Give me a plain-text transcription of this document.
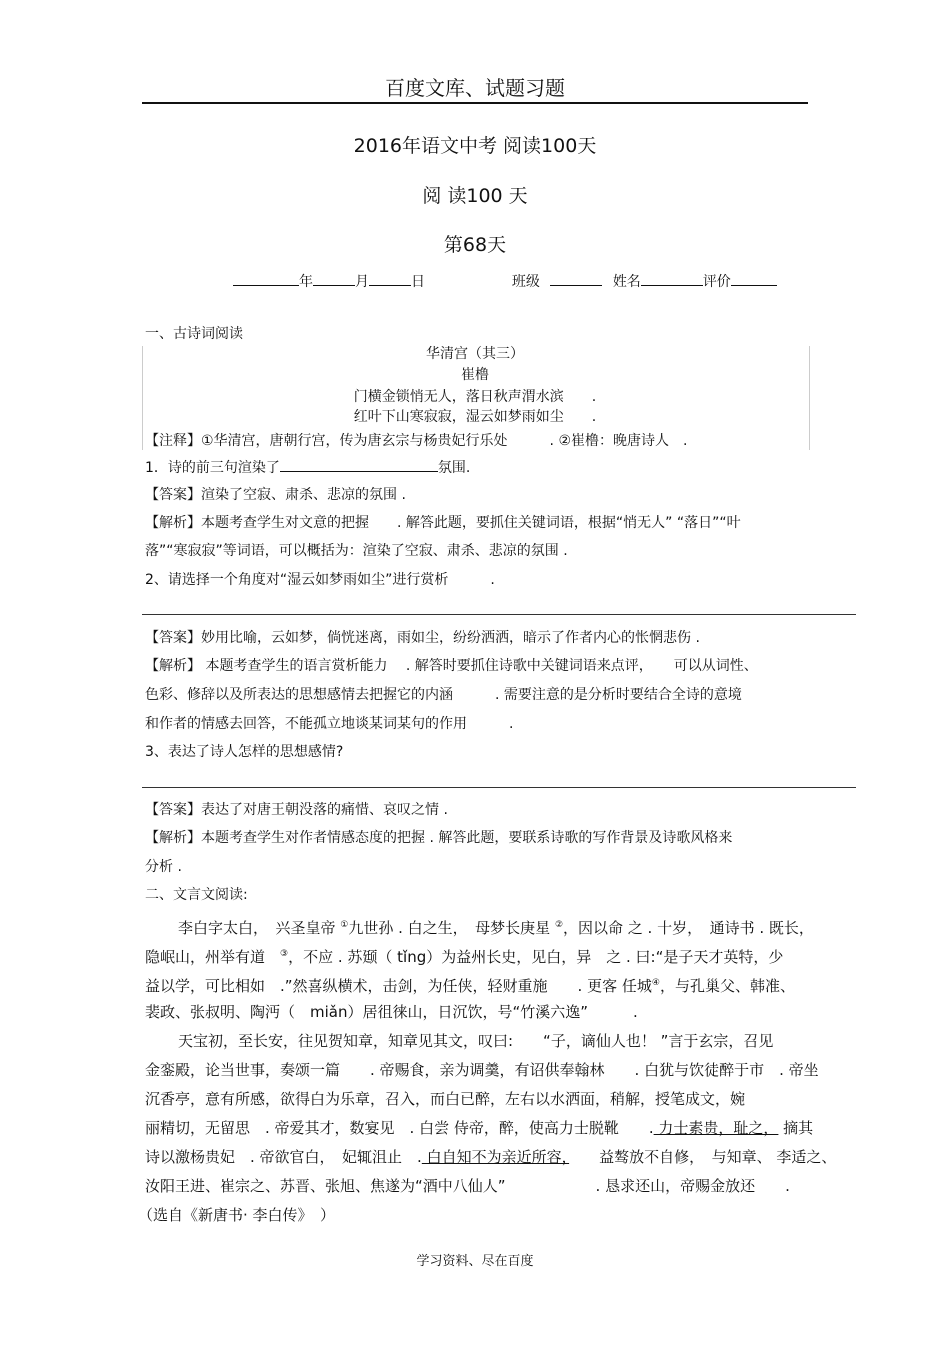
百度文库、试题习题
2016年语文中考 阅读100天
阅 读100 天
第68天
年	月	日	班级	姓名	评价
一、古诗词阅读
华清宫（其三）
崔橹
门横金锁悄无人，落日秋声渭水滨　　.
红叶下山寒寂寂，湿云如梦雨如尘　　.
【注释】①华清宫，唐朝行宫，传为唐玄宗与杨贵妃行乐处　　　. ②崔橹：晚唐诗人　.
1．诗的前三句渲染了	氛围.
【答案】渲染了空寂、肃杀、悲凉的氛围 .
【解析】本题考查学生对文意的把握　　. 解答此题，要抓住关键词语，根据“悄无人” “落日”“叶
落”“寒寂寂”等词语，可以概括为：渲染了空寂、肃杀、悲凉的氛围 .
2、请选择一个角度对“湿云如梦雨如尘”进行赏析　　　.
【答案】妙用比喻，云如梦，倘恍迷离，雨如尘，纷纷洒洒，暗示了作者内心的怅惘悲伤 .
【解析】 本题考查学生的语言赏析能力　 . 解答时要抓住诗歌中关键词语来点评，　　可以从词性、
色彩、修辞以及所表达的思想感情去把握它的内涵　　　. 需要注意的是分析时要结合全诗的意境
和作者的情感去回答，不能孤立地谈某词某句的作用　　　.
3、表达了诗人怎样的思想感情?
【答案】表达了对唐王朝没落的痛惜、哀叹之情 .
【解析】本题考查学生对作者情感态度的把握 . 解答此题，要联系诗歌的写作背景及诗歌风格来
分析 .
二、文言文阅读:
李白字太白，　兴圣皇帝 ①九世孙 . 白之生，　母梦长庚星 ②，因以命 之 . 十岁，　通诗书 . 既长，
隐岷山，州举有道　③，不应 . 苏颋（ tǐng）为益州长史，见白，异　之 . 曰:“是子天才英特，少
益以学，可比相如　.”然喜纵横术，击剑，为任侠，轻财重施　　. 更客 任城④，与孔巢父、韩准、
裴政、张叔明、陶沔（　miǎn）居徂徕山，日沉饮，号“竹溪六逸”　　　.
天宝初，至长安，往见贺知章，知章见其文，叹曰:　　“子，谪仙人也！ ”言于玄宗，召见
金銮殿，论当世事，奏颂一篇　　. 帝赐食，亲为调羹，有诏供奉翰林　　. 白犹与饮徒醉于市　. 帝坐
沉香亭，意有所感，欲得白为乐章，召入，而白已醉，左右以水洒面，稍解，授笔成文，婉
丽精切，无留思　. 帝爱其才，数宴见　. 白尝 侍帝，醉，使高力士脱靴　　. 力士素贵，耻之， 摘其
诗以激杨贵妃　. 帝欲官白，　妃辄沮止　. 白自知不为亲近所容，　　益骜放不自修，　与知章、 李适之、
汝阳王进、崔宗之、苏晋、张旭、焦遂为“酒中八仙人”　　　　　　. 恳求还山，帝赐金放还　　.
（选自《新唐书· 李白传》　）
学习资料、尽在百度
